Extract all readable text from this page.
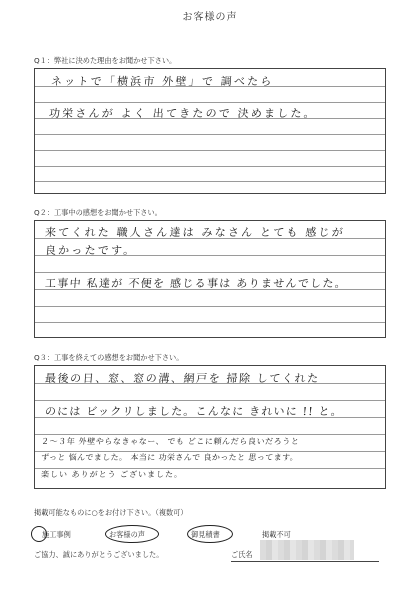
お客様の声
Q１：弊社に決めた理由をお聞かせ下さい。
ネットで「横浜市 外壁」で 調べたら
功栄さんが よく 出てきたので 決めました。
Q２：工事中の感想をお聞かせ下さい。
来てくれた 職人さん達は みなさん とても 感じが
良かったです。
工事中 私達が 不便を 感じる事は ありませんでした。
Q３：工事を終えての感想をお聞かせ下さい。
最後の日、窓、窓の溝、網戸を 掃除 してくれた
のには ビックリしました。こんなに きれいに !! と。
２～３年 外壁やらなきゃなー、 でも どこに頼んだら良いだろうと
ずっと 悩んでました。 本当に 功栄さんで 良かったと 思ってます。
楽しい ありがとう ございました。
掲載可能なものに○をお付け下さい。（複数可）
施工事例	お客様の声	御見積書	掲載不可
ご協力、誠にありがとうございました。	ご氏名
